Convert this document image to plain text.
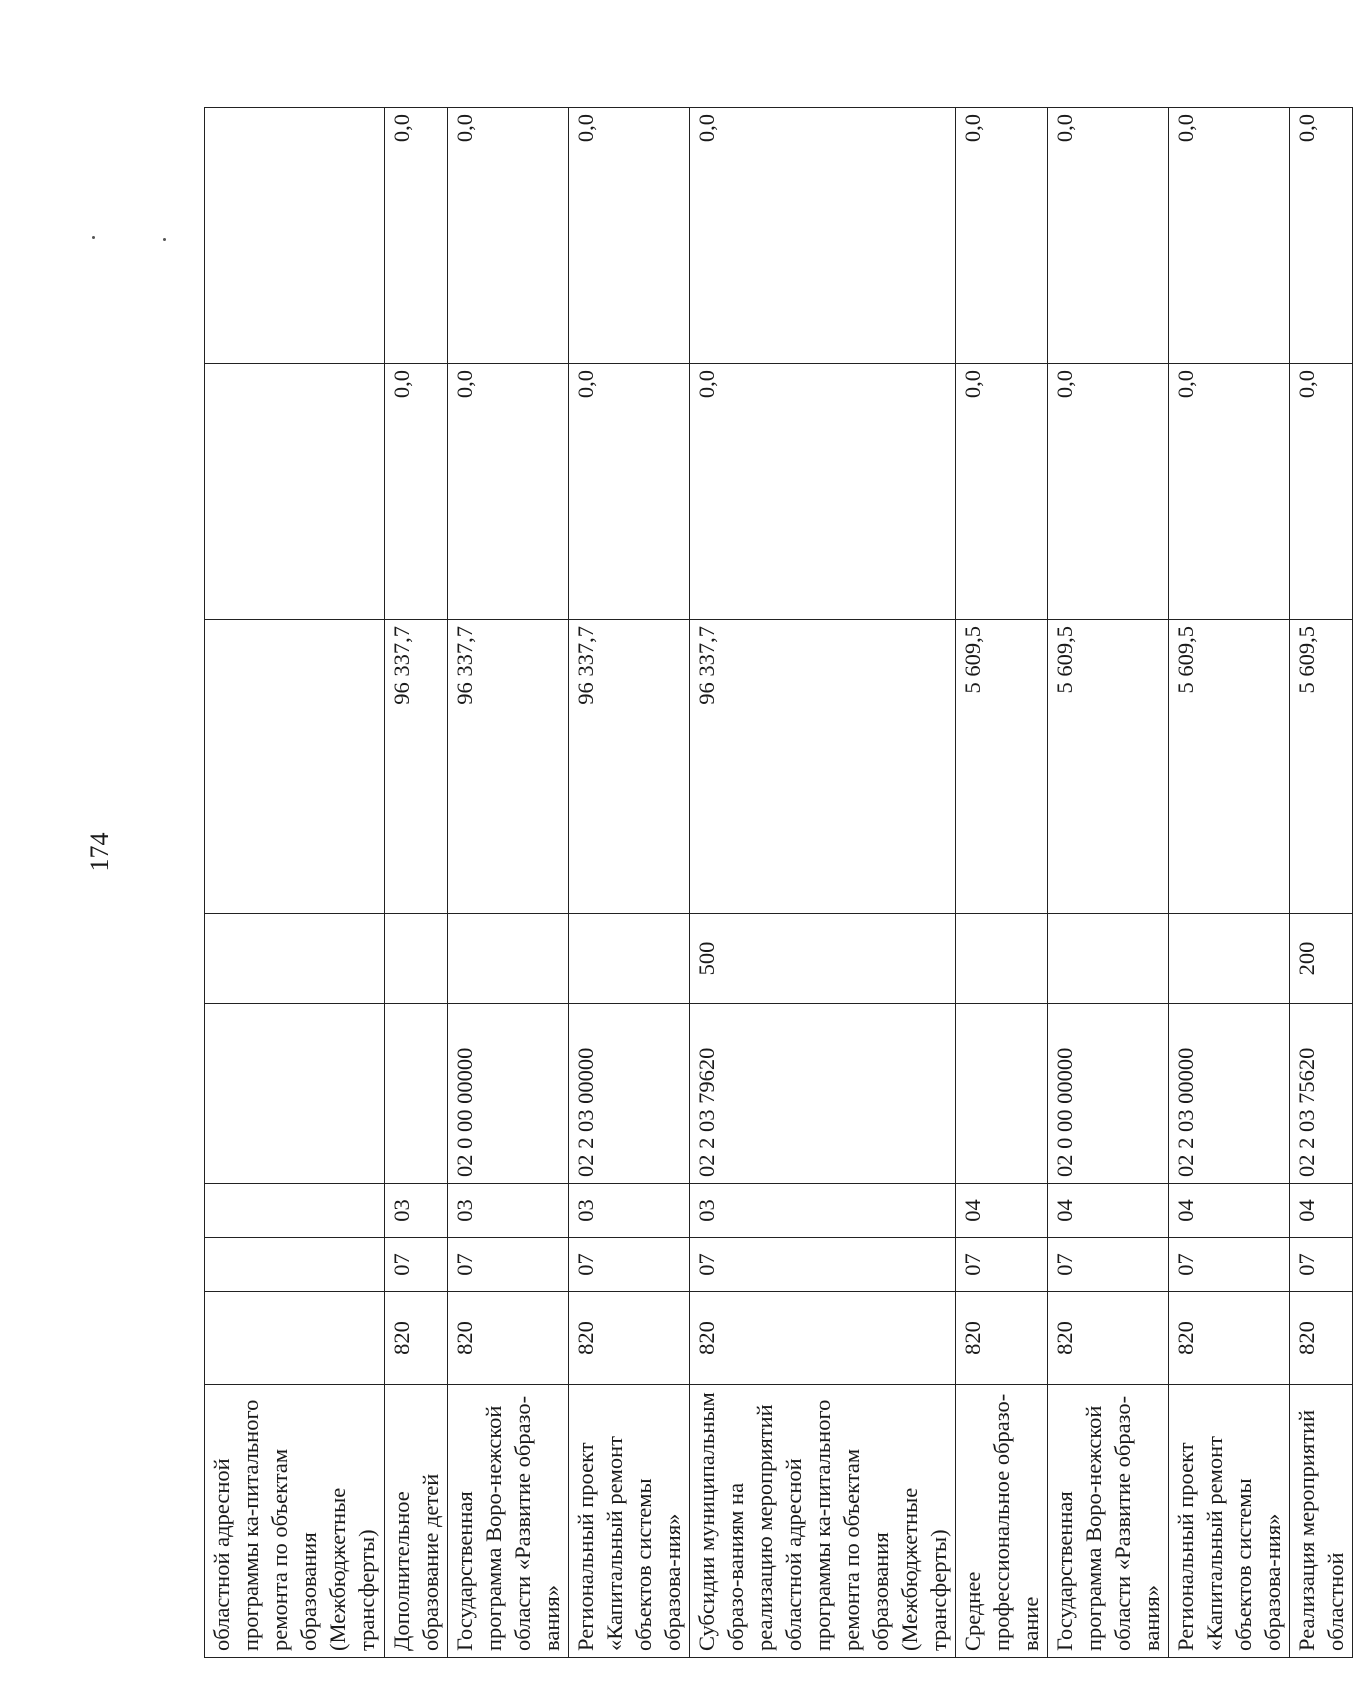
174
областной адресной программы ка-питального ремонта по объектам образования (Межбюджетные трансферты)								
Дополнительное образование детей	820	07	03			96 337,7	0,0	0,0
Государственная программа Воро-нежской области «Развитие образо-вания»	820	07	03	02 0 00 00000		96 337,7	0,0	0,0
Региональный проект «Капитальный ремонт объектов системы образова-ния»	820	07	03	02 2 03 00000		96 337,7	0,0	0,0
Субсидии муниципальным образо-ваниям на реализацию мероприятий областной адресной программы ка-питального ремонта по объектам образования (Межбюджетные трансферты)	820	07	03	02 2 03 79620	500	96 337,7	0,0	0,0
Среднее профессиональное образо-вание	820	07	04			5 609,5	0,0	0,0
Государственная программа Воро-нежской области «Развитие образо-вания»	820	07	04	02 0 00 00000		5 609,5	0,0	0,0
Региональный проект «Капитальный ремонт объектов системы образова-ния»	820	07	04	02 2 03 00000		5 609,5	0,0	0,0
Реализация мероприятий областной	820	07	04	02 2 03 75620	200	5 609,5	0,0	0,0
